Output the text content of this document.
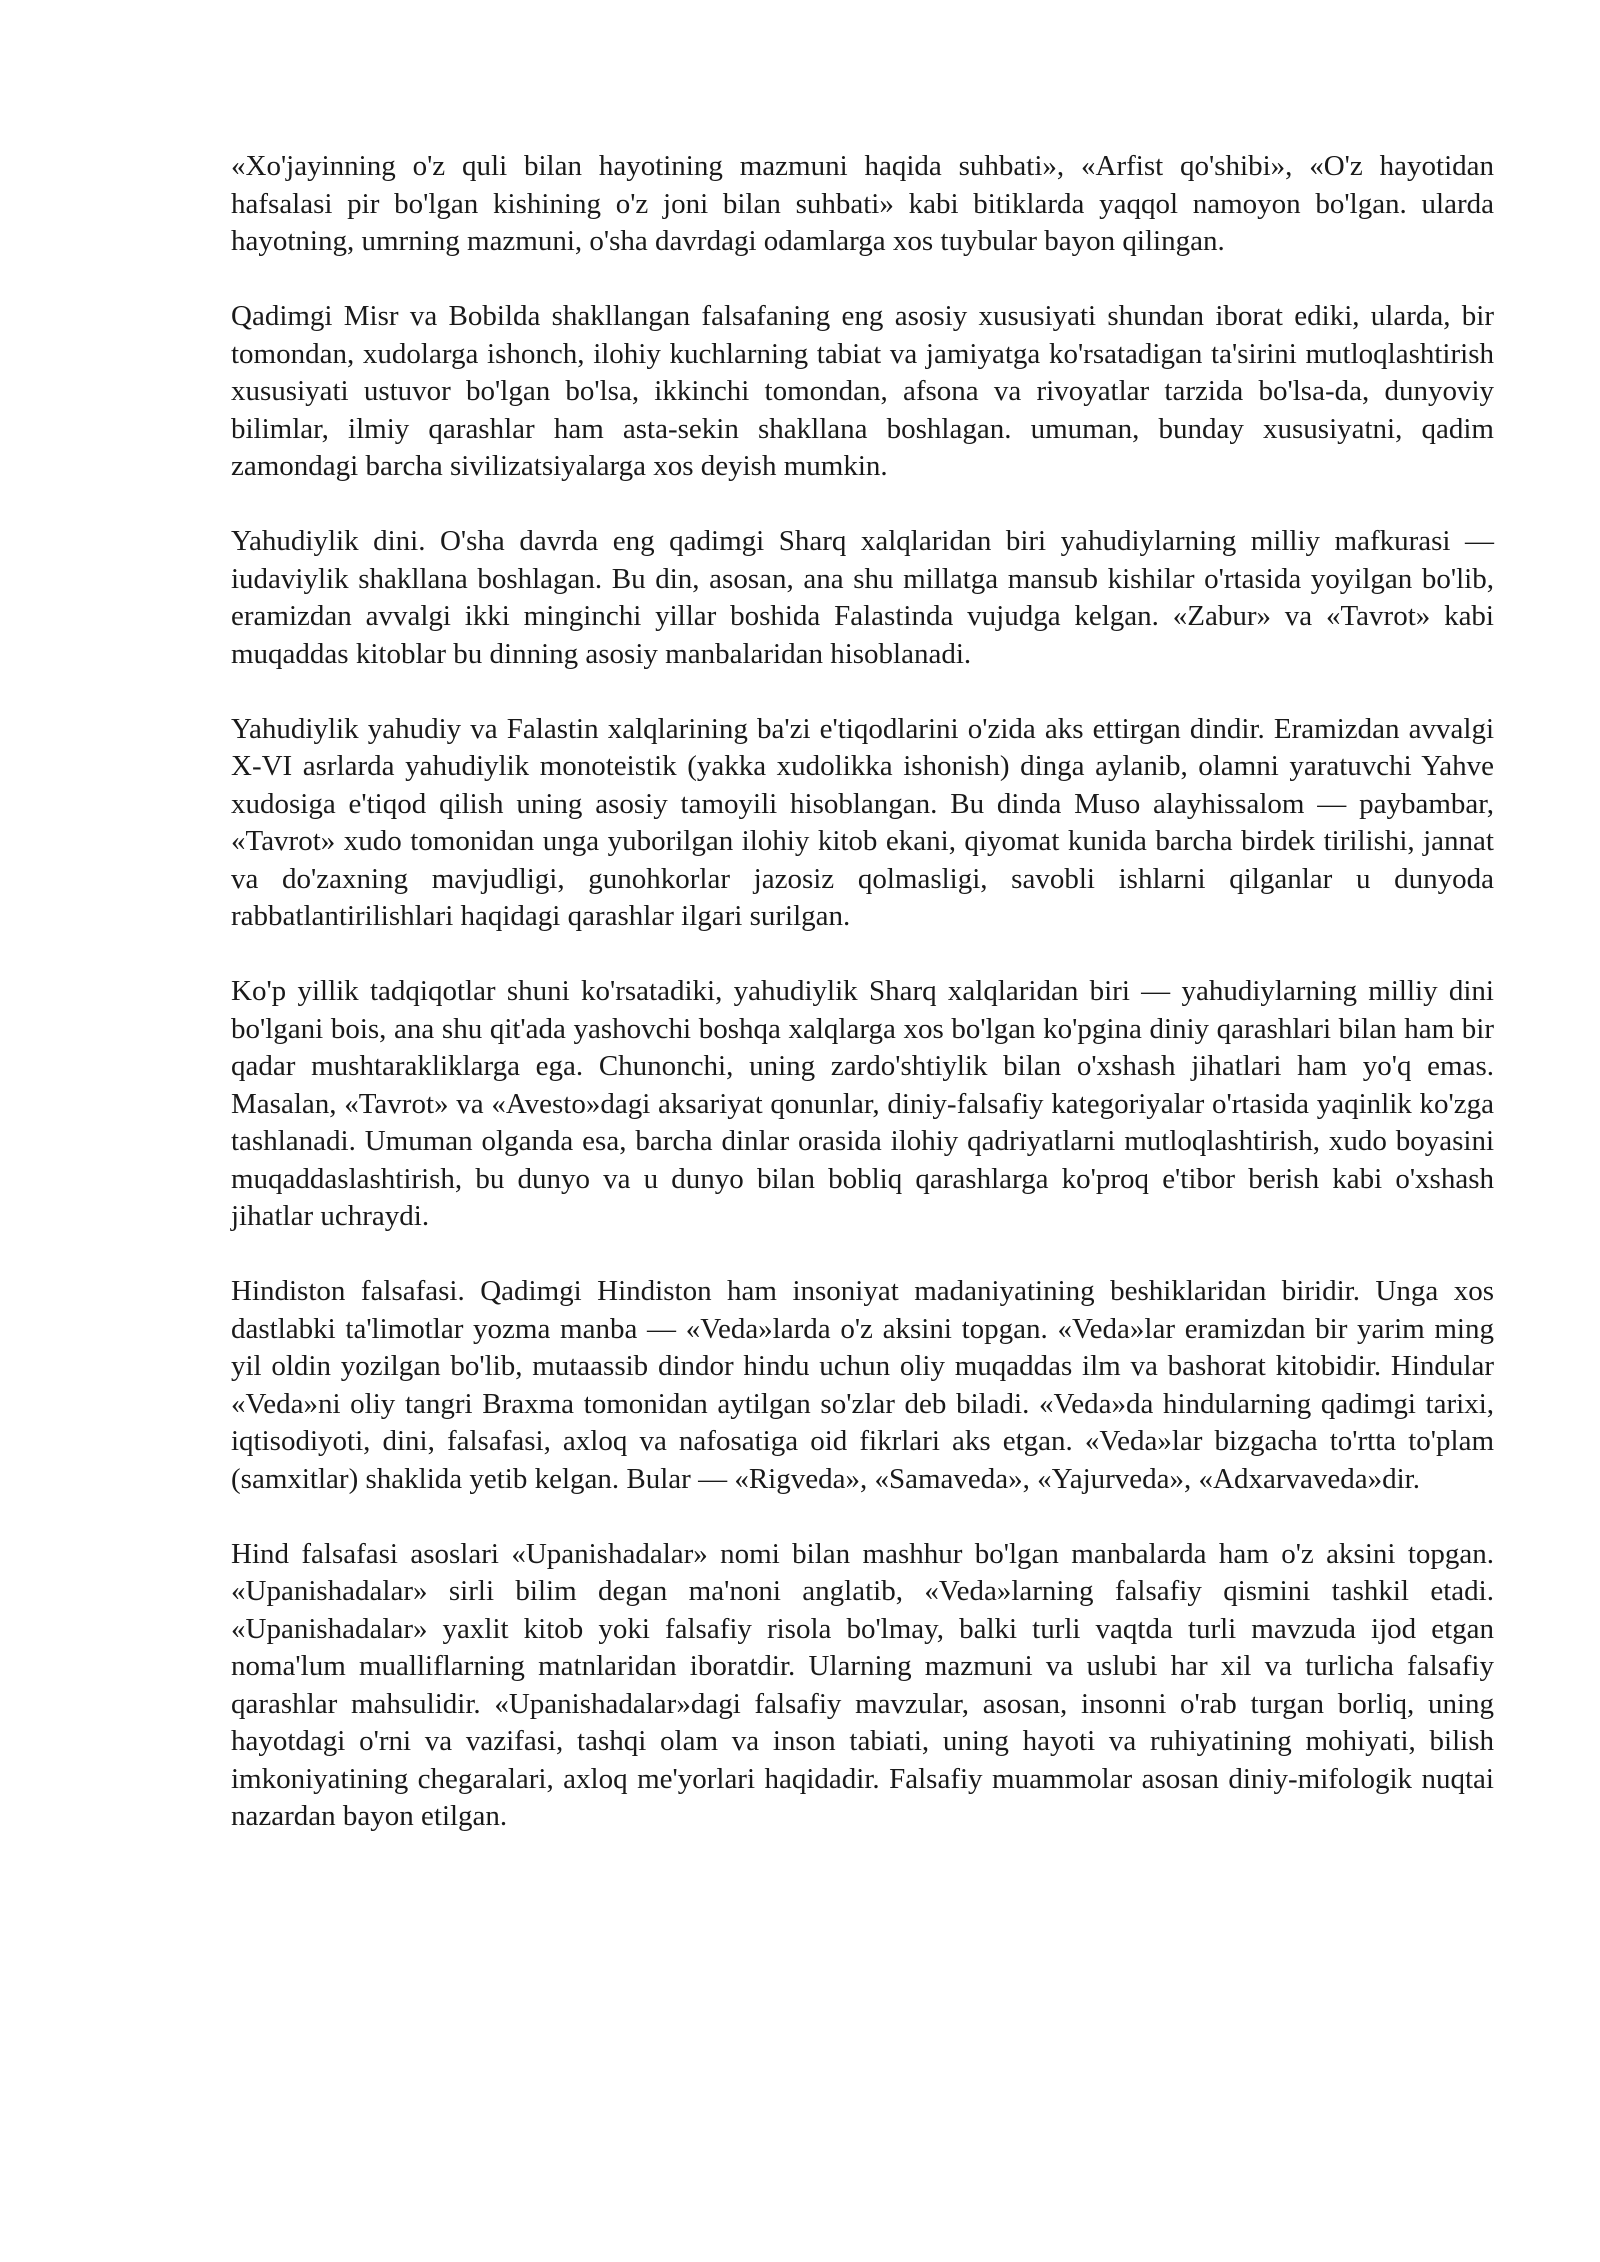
«Xo'jayinning o'z quli bilan hayotining mazmuni haqida suhbati», «Arfist qo'shibi», «O'z hayotidan hafsalasi pir bo'lgan kishining o'z joni bilan suhbati» kabi bitiklarda yaqqol namoyon bo'lgan. ularda hayotning, umrning mazmuni, o'sha davrdagi odamlarga xos tuybular bayon qilingan.

Qadimgi Misr va Bobilda shakllangan falsafaning eng asosiy xususiyati shundan iborat ediki, ularda, bir tomondan, xudolarga ishonch, ilohiy kuchlarning tabiat va jamiyatga ko'rsatadigan ta'sirini mutloqlashtirish xususiyati ustuvor bo'lgan bo'lsa, ikkinchi tomondan, afsona va rivoyatlar tarzida bo'lsa-da, dunyoviy bilimlar, ilmiy qarashlar ham asta-sekin shakllana boshlagan. umuman, bunday xususiyatni, qadim zamondagi barcha sivilizatsiyalarga xos deyish mumkin.

Yahudiylik dini. O'sha davrda eng qadimgi Sharq xalqlaridan biri yahudiylarning milliy mafkurasi — iudaviylik shakllana boshlagan. Bu din, asosan, ana shu millatga mansub kishilar o'rtasida yoyilgan bo'lib, eramizdan avvalgi ikki minginchi yillar boshida Falastinda vujudga kelgan. «Zabur» va «Tavrot» kabi muqaddas kitoblar bu dinning asosiy manbalaridan hisoblanadi.

Yahudiylik yahudiy va Falastin xalqlarining ba'zi e'tiqodlarini o'zida aks ettirgan dindir. Eramizdan avvalgi X-VI asrlarda yahudiylik monoteistik (yakka xudolikka ishonish) dinga aylanib, olamni yaratuvchi Yahve xudosiga e'tiqod qilish uning asosiy tamoyili hisoblangan. Bu dinda Muso alayhissalom — paybambar, «Tavrot» xudo tomonidan unga yuborilgan ilohiy kitob ekani, qiyomat kunida barcha birdek tirilishi, jannat va do'zaxning mavjudligi, gunohkorlar jazosiz qolmasligi, savobli ishlarni qilganlar u dunyoda rabbatlantirilishlari haqidagi qarashlar ilgari surilgan.

Ko'p yillik tadqiqotlar shuni ko'rsatadiki, yahudiylik Sharq xalqlaridan biri — yahudiylarning milliy dini bo'lgani bois, ana shu qit'ada yashovchi boshqa xalqlarga xos bo'lgan ko'pgina diniy qarashlari bilan ham bir qadar mushtarakliklarga ega. Chunonchi, uning zardo'shtiylik bilan o'xshash jihatlari ham yo'q emas. Masalan, «Tavrot» va «Avesto»dagi aksariyat qonunlar, diniy-falsafiy kategoriyalar o'rtasida yaqinlik ko'zga tashlanadi. Umuman olganda esa, barcha dinlar orasida ilohiy qadriyatlarni mutloqlashtirish, xudo boyasini muqaddaslashtirish, bu dunyo va u dunyo bilan bobliq qarashlarga ko'proq e'tibor berish kabi o'xshash jihatlar uchraydi.

Hindiston falsafasi. Qadimgi Hindiston ham insoniyat madaniyatining beshiklaridan biridir. Unga xos dastlabki ta'limotlar yozma manba — «Veda»larda o'z aksini topgan. «Veda»lar eramizdan bir yarim ming yil oldin yozilgan bo'lib, mutaassib dindor hindu uchun oliy muqaddas ilm va bashorat kitobidir. Hindular «Veda»ni oliy tangri Braxma tomonidan aytilgan so'zlar deb biladi. «Veda»da hindularning qadimgi tarixi, iqtisodiyoti, dini, falsafasi, axloq va nafosatiga oid fikrlari aks etgan. «Veda»lar bizgacha to'rtta to'plam (samxitlar) shaklida yetib kelgan. Bular — «Rigveda», «Samaveda», «Yajurveda», «Adxarvaveda»dir.

Hind falsafasi asoslari «Upanishadalar» nomi bilan mashhur bo'lgan manbalarda ham o'z aksini topgan. «Upanishadalar» sirli bilim degan ma'noni anglatib, «Veda»larning falsafiy qismini tashkil etadi. «Upanishadalar» yaxlit kitob yoki falsafiy risola bo'lmay, balki turli vaqtda turli mavzuda ijod etgan noma'lum mualliflarning matnlaridan iboratdir. Ularning mazmuni va uslubi har xil va turlicha falsafiy qarashlar mahsulidir. «Upanishadalar»dagi falsafiy mavzular, asosan, insonni o'rab turgan borliq, uning hayotdagi o'rni va vazifasi, tashqi olam va inson tabiati, uning hayoti va ruhiyatining mohiyati, bilish imkoniyatining chegaralari, axloq me'yorlari haqidadir. Falsafiy muammolar asosan diniy-mifologik nuqtai nazardan bayon etilgan.
